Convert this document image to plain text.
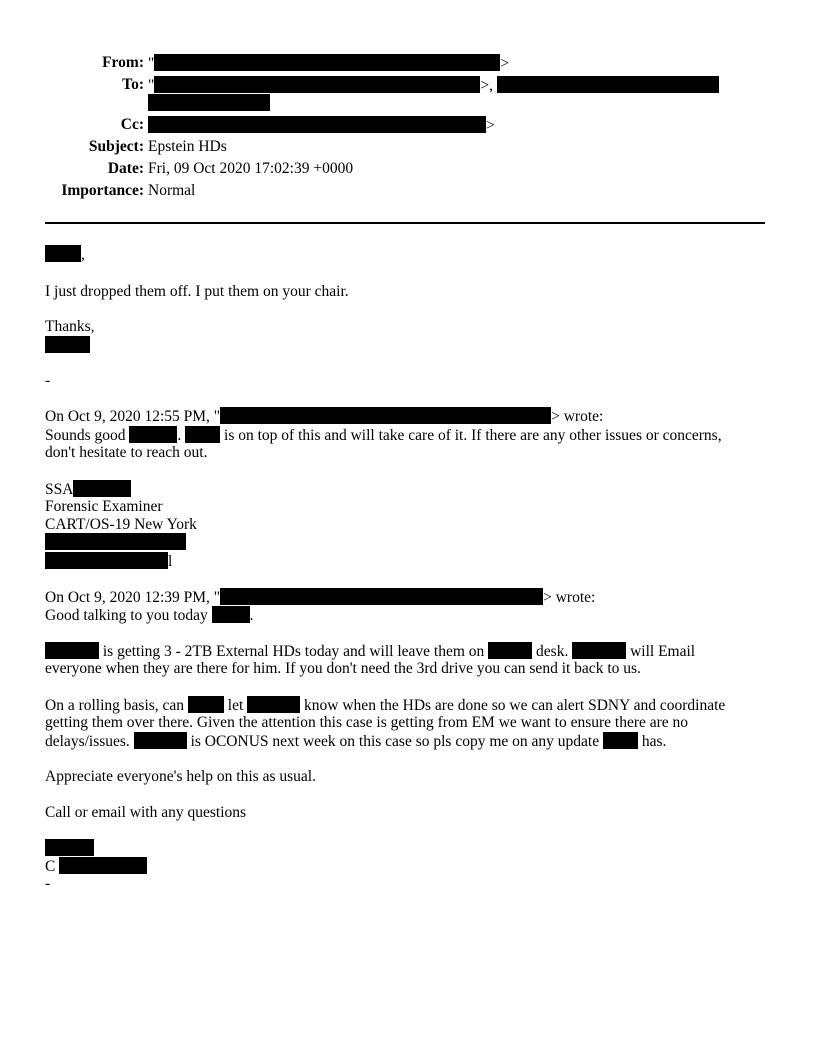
From: "	>
To: "	>,
Cc:	>
Subject: Epstein HDs
Date: Fri, 09 Oct 2020 17:02:39 +0000
Importance: Normal
,
I just dropped them off. I put them on your chair.
Thanks,
-
On Oct 9, 2020 12:55 PM, "	> wrote:
Sounds good	.	is on top of this and will take care of it. If there are any other issues or concerns,
don't hesitate to reach out.
SSA
Forensic Examiner
CART/OS-19 New York
l
On Oct 9, 2020 12:39 PM, "	> wrote:
Good talking to you today	.
is getting 3 - 2TB External HDs today and will leave them on	desk.	will Email
everyone when they are there for him. If you don't need the 3rd drive you can send it back to us.
On a rolling basis, can	let	know when the HDs are done so we can alert SDNY and coordinate
getting them over there. Given the attention this case is getting from EM we want to ensure there are no
delays/issues.	is OCONUS next week on this case so pls copy me on any update	has.
Appreciate everyone's help on this as usual.
Call or email with any questions
C
-
